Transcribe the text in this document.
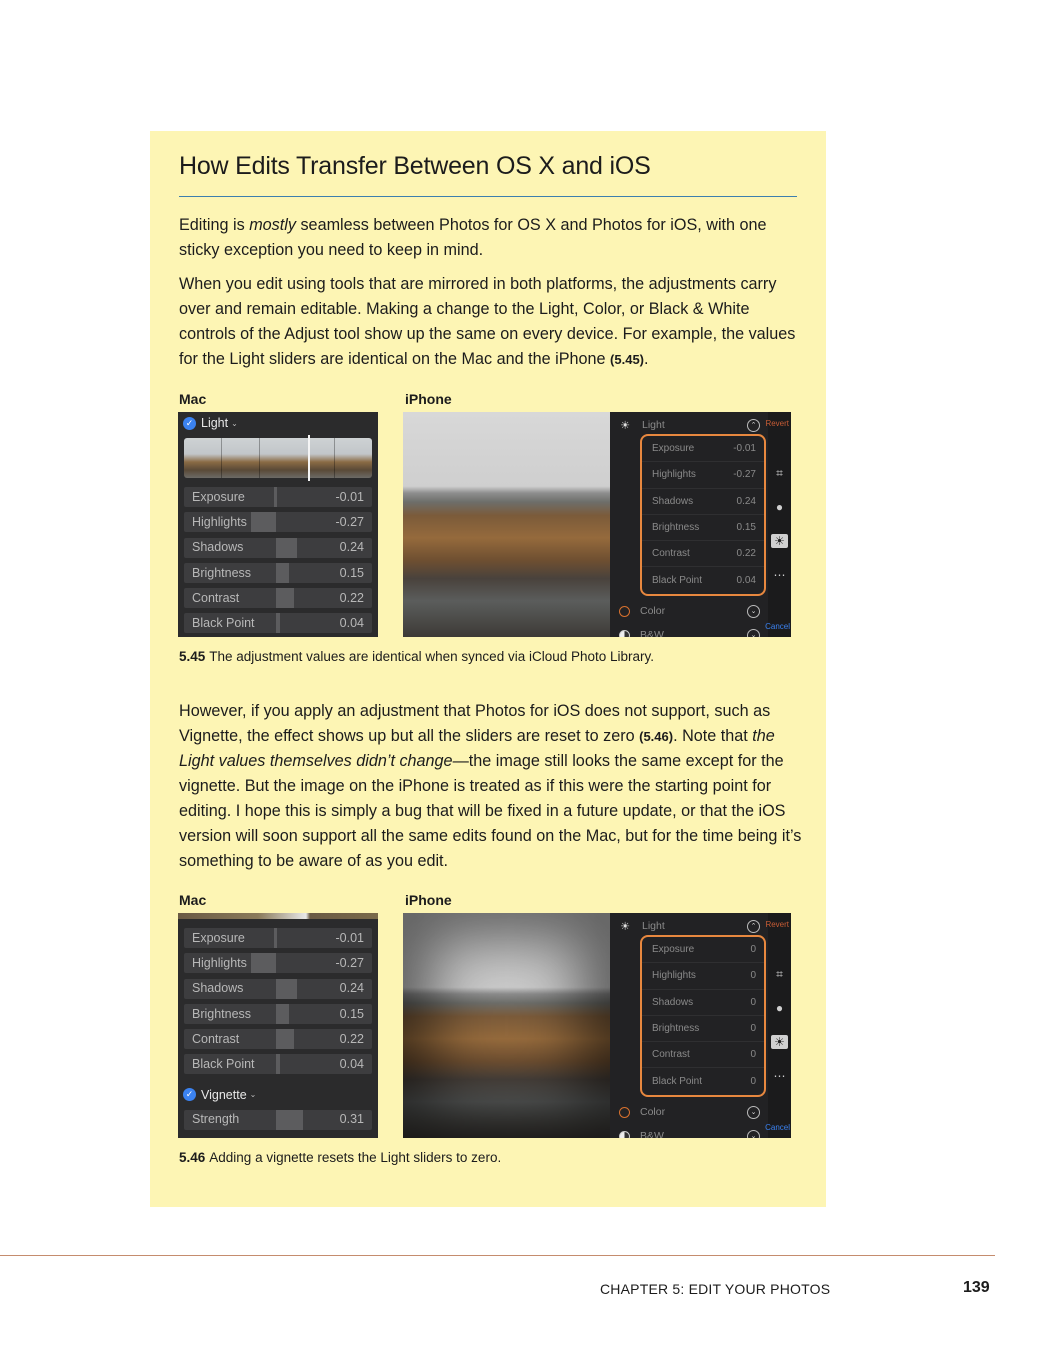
How Edits Transfer Between OS X and iOS
Editing is mostly seamless between Photos for OS X and Photos for iOS, with one sticky exception you need to keep in mind.
When you edit using tools that are mirrored in both platforms, the adjustments carry over and remain editable. Making a change to the Light, Color, or Black & White controls of the Adjust tool show up the same on every device. For example, the values for the Light sliders are identical on the Mac and the iPhone (5.45).
Mac	iPhone
✓ Light ⌄
Exposure	-0.01
Highlights	-0.27
Shadows	0.24
Brightness	0.15
Contrast	0.22
Black Point	0.04
☀ Light	⌃
Exposure	-0.01
Highlights	-0.27
Shadows	0.24
Brightness	0.15
Contrast	0.22
Black Point	0.04
Color	⌄
B&W	⌄
Revert
⌗
●
☀
⋯
Cancel
5.45 The adjustment values are identical when synced via iCloud Photo Library.
However, if you apply an adjustment that Photos for iOS does not support, such as Vignette, the effect shows up but all the sliders are reset to zero (5.46). Note that the Light values themselves didn’t change—the image still looks the same except for the vignette. But the image on the iPhone is treated as if this were the starting point for editing. I hope this is simply a bug that will be fixed in a future update, or that the iOS version will soon support all the same edits found on the Mac, but for the time being it’s something to be aware of as you edit.
Mac	iPhone
Exposure	-0.01
Highlights	-0.27
Shadows	0.24
Brightness	0.15
Contrast	0.22
Black Point	0.04
✓ Vignette ⌄
Strength	0.31
☀ Light	⌃
Exposure	0
Highlights	0
Shadows	0
Brightness	0
Contrast	0
Black Point	0
Color	⌄
B&W	⌄
Revert
⌗
●
☀
⋯
Cancel
5.46 Adding a vignette resets the Light sliders to zero.
CHAPTER 5: EDIT YOUR PHOTOS	139
